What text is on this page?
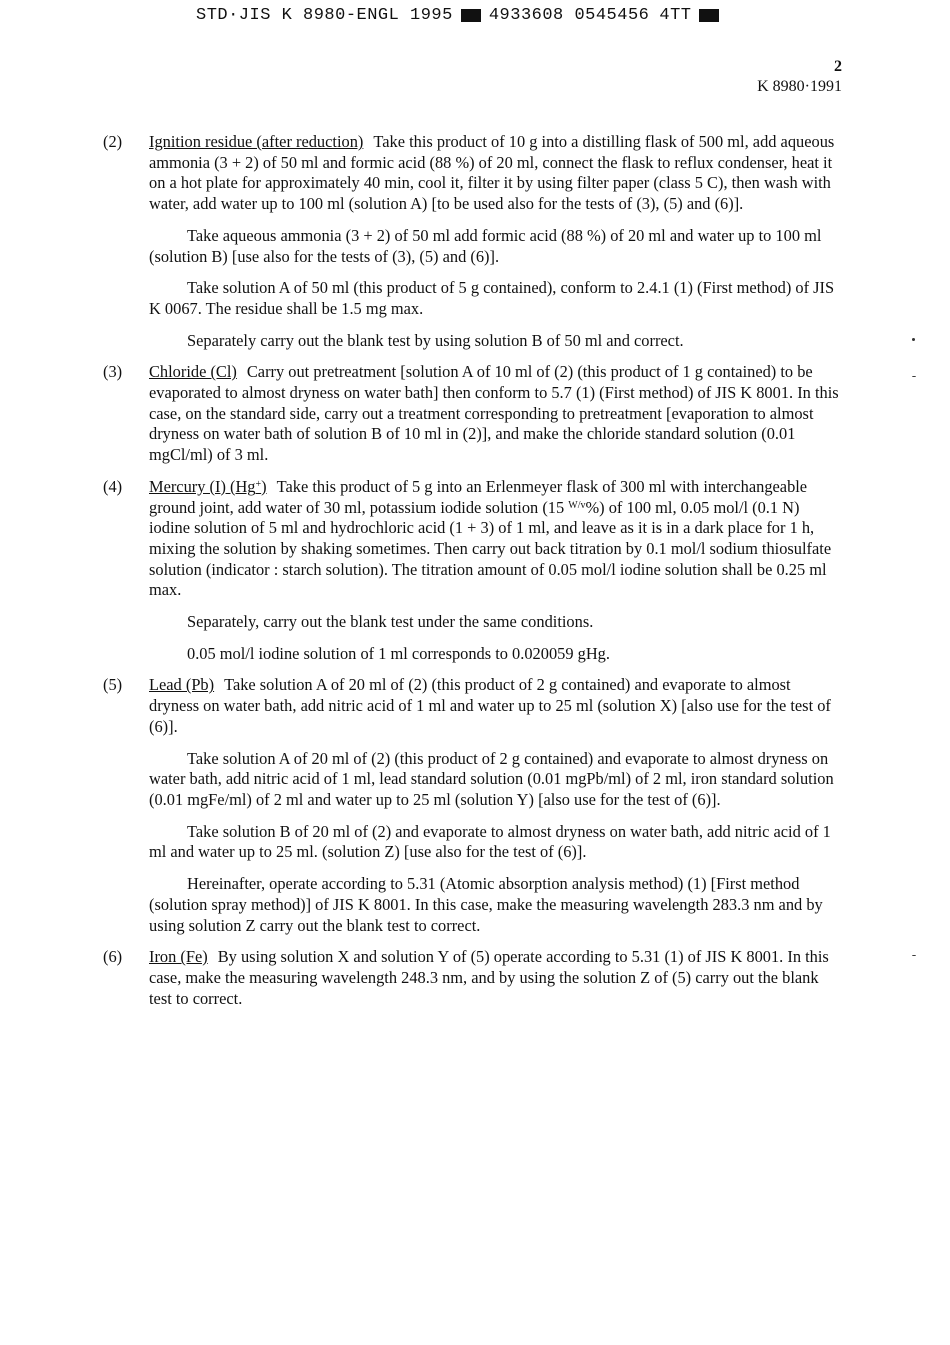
STD·JIS K 8980-ENGL 1995 4933608 0545456 4TT
2
K 8980·1991
(2) Ignition residue (after reduction) Take this product of 10 g into a distilling flask of 500 ml, add aqueous ammonia (3 + 2) of 50 ml and formic acid (88 %) of 20 ml, connect the flask to reflux condenser, heat it on a hot plate for approximately 40 min, cool it, filter it by using filter paper (class 5 C), then wash with water, add water up to 100 ml (solution A) [to be used also for the tests of (3), (5) and (6)].

Take aqueous ammonia (3 + 2) of 50 ml add formic acid (88 %) of 20 ml and water up to 100 ml (solution B) [use also for the tests of (3), (5) and (6)].

Take solution A of 50 ml (this product of 5 g contained), conform to 2.4.1 (1) (First method) of JIS K 0067. The residue shall be 1.5 mg max.

Separately carry out the blank test by using solution B of 50 ml and correct.

(3) Chloride (Cl) Carry out pretreatment [solution A of 10 ml of (2) (this product of 1 g contained) to be evaporated to almost dryness on water bath] then conform to 5.7 (1) (First method) of JIS K 8001. In this case, on the standard side, carry out a treatment corresponding to pretreatment [evaporation to almost dryness on water bath of solution B of 10 ml in (2)], and make the chloride standard solution (0.01 mgCl/ml) of 3 ml.

(4) Mercury (I) (Hg+) Take this product of 5 g into an Erlenmeyer flask of 300 ml with interchangeable ground joint, add water of 30 ml, potassium iodide solution (15 $^{W/v}$%) of 100 ml, 0.05 mol/l (0.1 N) iodine solution of 5 ml and hydrochloric acid (1 + 3) of 1 ml, and leave as it is in a dark place for 1 h, mixing the solution by shaking sometimes. Then carry out back titration by 0.1 mol/l sodium thiosulfate solution (indicator : starch solution). The titration amount of 0.05 mol/l iodine solution shall be 0.25 ml max.

Separately, carry out the blank test under the same conditions.

0.05 mol/l iodine solution of 1 ml corresponds to 0.020059 gHg.

(5) Lead (Pb) Take solution A of 20 ml of (2) (this product of 2 g contained) and evaporate to almost dryness on water bath, add nitric acid of 1 ml and water up to 25 ml (solution X) [also use for the test of (6)].

Take solution A of 20 ml of (2) (this product of 2 g contained) and evaporate to almost dryness on water bath, add nitric acid of 1 ml, lead standard solution (0.01 mgPb/ml) of 2 ml, iron standard solution (0.01 mgFe/ml) of 2 ml and water up to 25 ml (solution Y) [also use for the test of (6)].

Take solution B of 20 ml of (2) and evaporate to almost dryness on water bath, add nitric acid of 1 ml and water up to 25 ml. (solution Z) [use also for the test of (6)].

Hereinafter, operate according to 5.31 (Atomic absorption analysis method) (1) [First method (solution spray method)] of JIS K 8001. In this case, make the measuring wavelength 283.3 nm and by using solution Z carry out the blank test to correct.

(6) Iron (Fe) By using solution X and solution Y of (5) operate according to 5.31 (1) of JIS K 8001. In this case, make the measuring wavelength 248.3 nm, and by using the solution Z of (5) carry out the blank test to correct.
